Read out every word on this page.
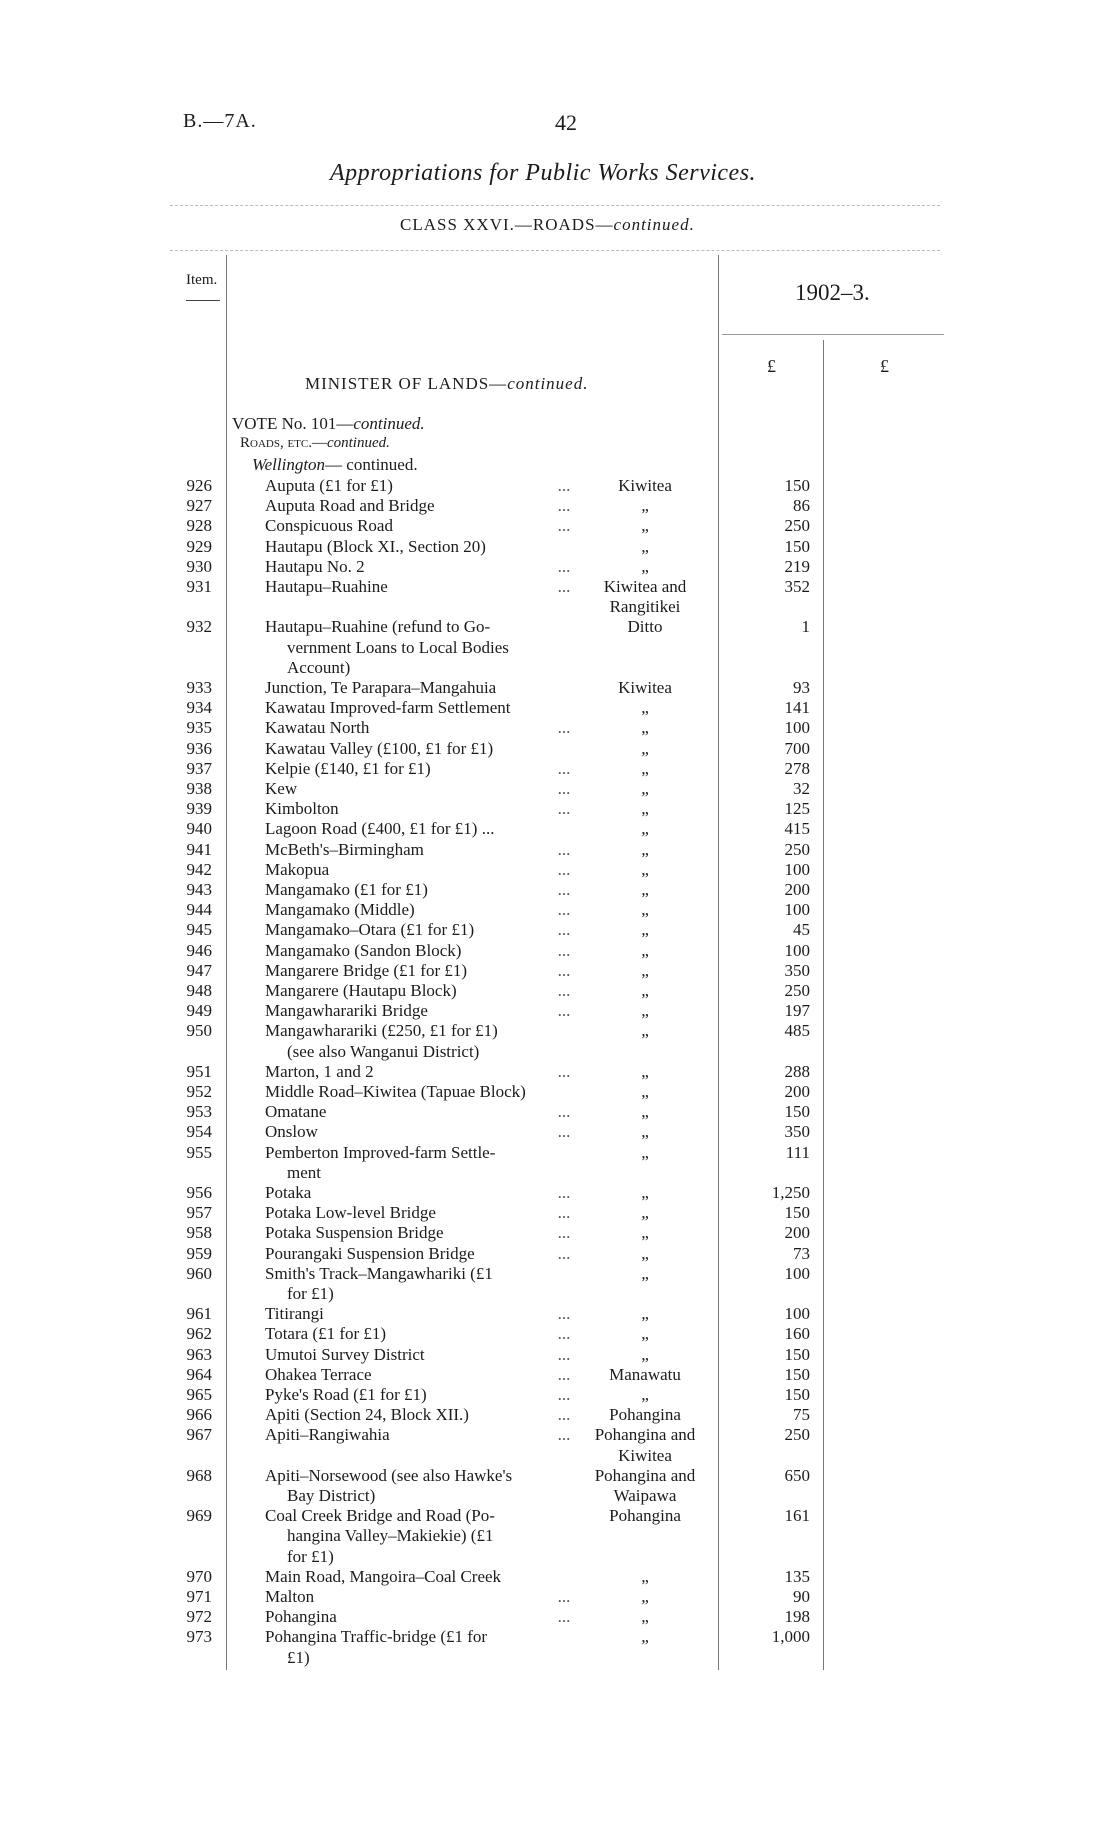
B.—7A.	42
Appropriations for Public Works Services.
CLASS XXVI.—ROADS—continued.
Item.	1902–3.
£	£
MINISTER OF LANDS—continued.
VOTE No. 101—continued.
Roads, etc.—continued.
Wellington— continued.
926	Auputa (£1 for £1)	...	Kiwitea	150
927	Auputa Road and Bridge	...	„	86
928	Conspicuous Road	...	„	250
929	Hautapu (Block XI., Section 20)	„	150
930	Hautapu No. 2	...	„	219
931	Hautapu–Ruahine	...	Kiwitea and	352
Rangitikei
932	Hautapu–Ruahine (refund to Go-	Ditto	1
vernment Loans to Local Bodies
Account)
933	Junction, Te Parapara–Mangahuia	Kiwitea	93
934	Kawatau Improved-farm Settlement	„	141
935	Kawatau North	...	„	100
936	Kawatau Valley (£100, £1 for £1)	„	700
937	Kelpie (£140, £1 for £1)	...	„	278
938	Kew	...	„	32
939	Kimbolton	...	„	125
940	Lagoon Road (£400, £1 for £1) ...	„	415
941	McBeth's–Birmingham	...	„	250
942	Makopua	...	„	100
943	Mangamako (£1 for £1)	...	„	200
944	Mangamako (Middle)	...	„	100
945	Mangamako–Otara (£1 for £1)	...	„	45
946	Mangamako (Sandon Block)	...	„	100
947	Mangarere Bridge (£1 for £1)	...	„	350
948	Mangarere (Hautapu Block)	...	„	250
949	Mangawharariki Bridge	...	„	197
950	Mangawharariki (£250, £1 for £1)	„	485
(see also Wanganui District)
951	Marton, 1 and 2	...	„	288
952	Middle Road–Kiwitea (Tapuae Block)	„	200
953	Omatane	...	„	150
954	Onslow	...	„	350
955	Pemberton Improved-farm Settle-	„	111
ment
956	Potaka	...	„	1,250
957	Potaka Low-level Bridge	...	„	150
958	Potaka Suspension Bridge	...	„	200
959	Pourangaki Suspension Bridge	...	„	73
960	Smith's Track–Mangawhariki (£1	„	100
for £1)
961	Titirangi	...	„	100
962	Totara (£1 for £1)	...	„	160
963	Umutoi Survey District	...	„	150
964	Ohakea Terrace	...	Manawatu	150
965	Pyke's Road (£1 for £1)	...	„	150
966	Apiti (Section 24, Block XII.)	...	Pohangina	75
967	Apiti–Rangiwahia	...	Pohangina and	250
Kiwitea
968	Apiti–Norsewood (see also Hawke's	Pohangina and	650
Bay District)	Waipawa
969	Coal Creek Bridge and Road (Po-	Pohangina	161
hangina Valley–Makiekie) (£1
for £1)
970	Main Road, Mangoira–Coal Creek	„	135
971	Malton	...	„	90
972	Pohangina	...	„	198
973	Pohangina Traffic-bridge (£1 for	„	1,000
£1)
